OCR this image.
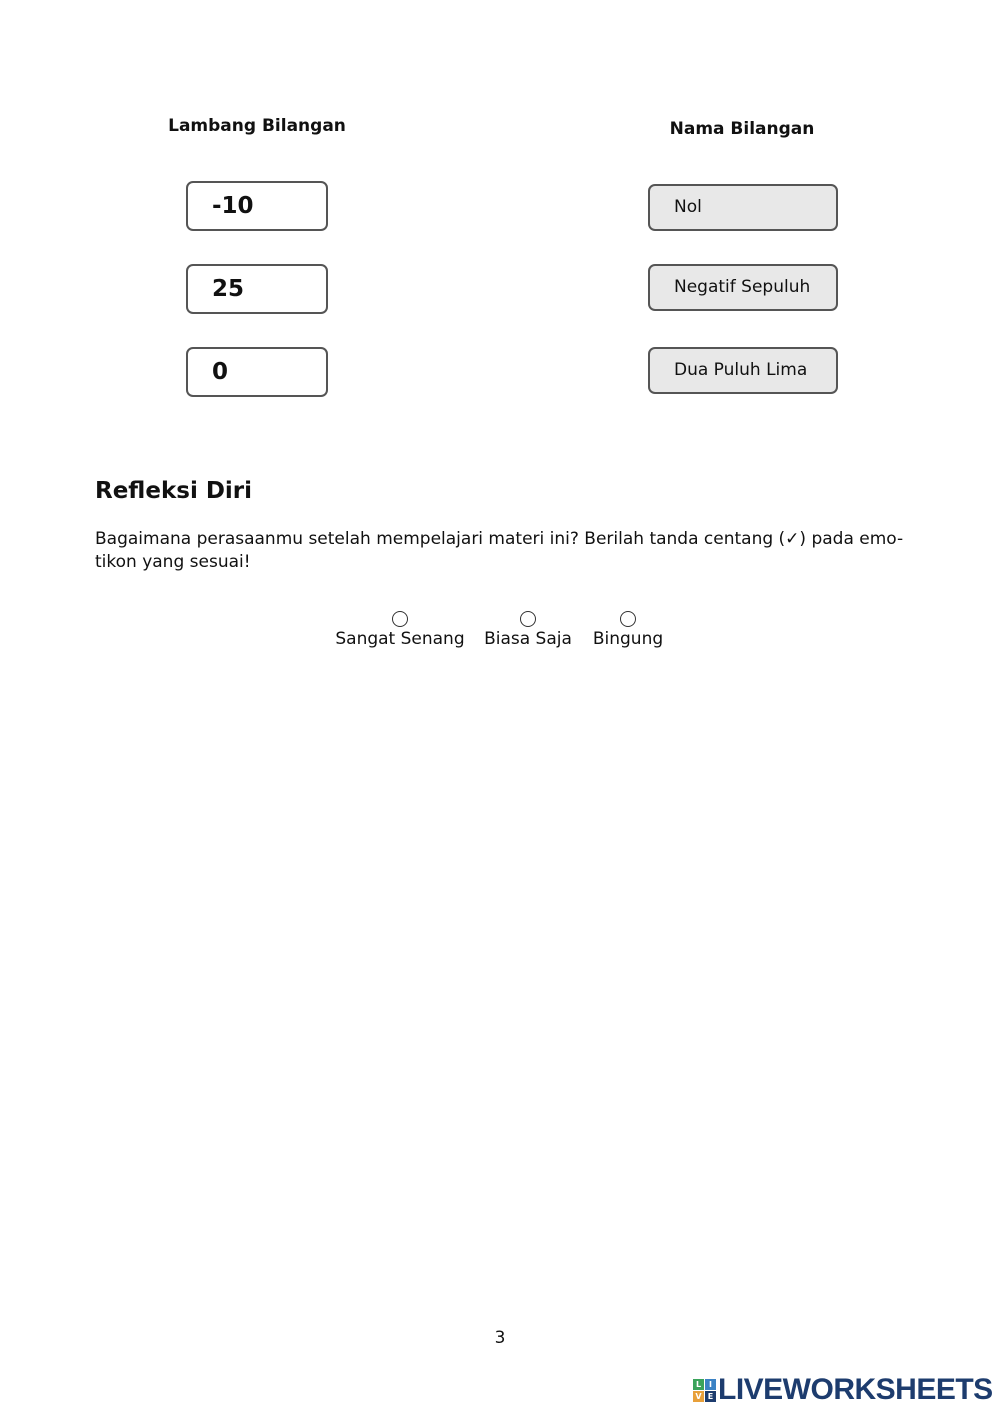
Lambang Bilangan	Nama Bilangan
-10
25
0
Nol
Negatif Sepuluh
Dua Puluh Lima
Refleksi Diri
Bagaimana perasaanmu setelah mempelajari materi ini? Berilah tanda centang (✓) pada emo-tikon yang sesuai!
Sangat Senang Biasa Saja Bingung
3
L I
V E LIVEWORKSHEETS
